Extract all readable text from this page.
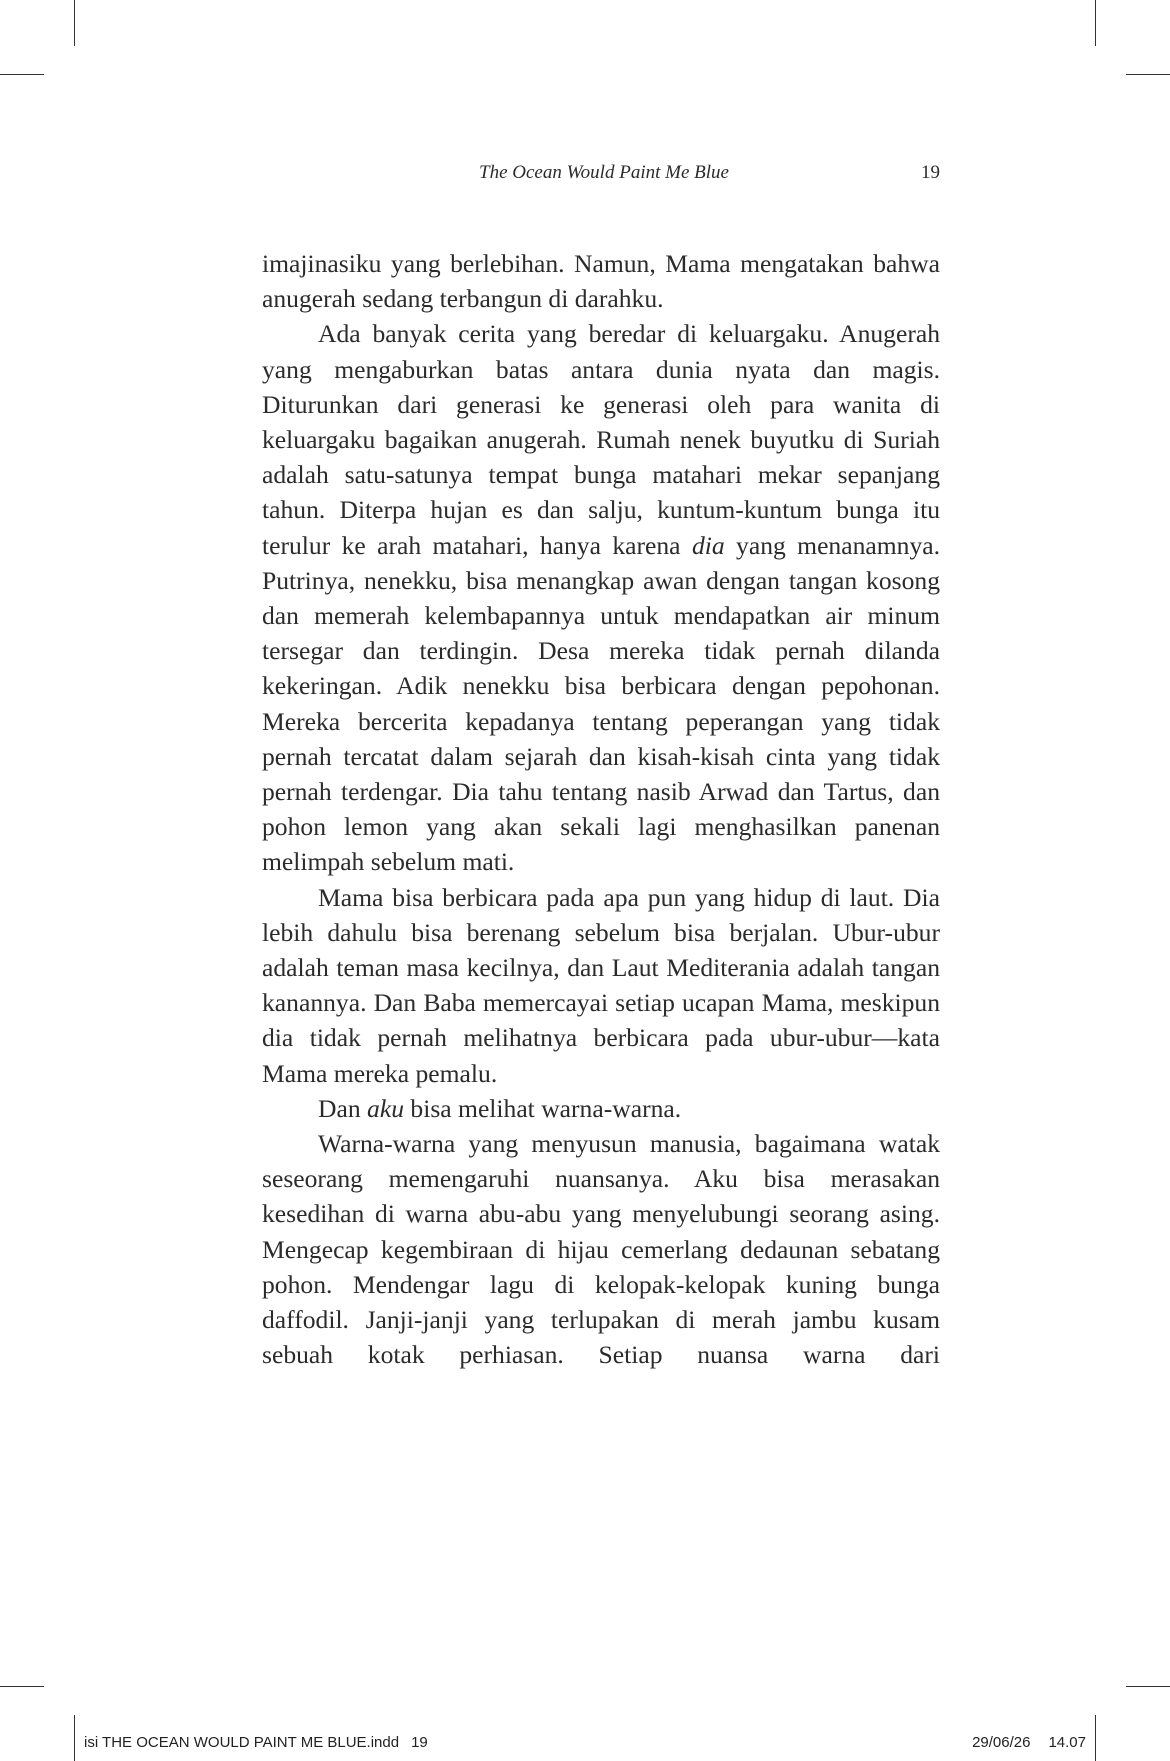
The Ocean Would Paint Me Blue	19

imajinasiku yang berlebihan. Namun, Mama mengatakan bahwa anugerah sedang terbangun di darahku.

Ada banyak cerita yang beredar di keluargaku. Anugerah yang mengaburkan batas antara dunia nyata dan magis. Diturunkan dari generasi ke generasi oleh para wanita di keluargaku bagaikan anugerah. Rumah nenek buyutku di Suriah adalah satu-satunya tempat bunga matahari mekar sepanjang tahun. Diterpa hujan es dan salju, kuntum-kuntum bunga itu terulur ke arah matahari, hanya karena dia yang menanamnya. Putrinya, nenekku, bisa menangkap awan dengan tangan kosong dan memerah kelembapannya untuk mendapatkan air minum tersegar dan terdingin. Desa mereka tidak pernah dilanda kekeringan. Adik nenekku bisa berbicara dengan pepohonan. Mereka bercerita kepadanya tentang peperangan yang tidak pernah tercatat dalam sejarah dan kisah-kisah cinta yang tidak pernah terdengar. Dia tahu tentang nasib Arwad dan Tartus, dan pohon lemon yang akan sekali lagi menghasilkan panenan melimpah sebelum mati.

Mama bisa berbicara pada apa pun yang hidup di laut. Dia lebih dahulu bisa berenang sebelum bisa berjalan. Ubur-ubur adalah teman masa kecilnya, dan Laut Mediterania adalah tangan kanannya. Dan Baba memercayai setiap ucapan Mama, meskipun dia tidak pernah melihatnya berbicara pada ubur-ubur—kata Mama mereka pemalu.

Dan aku bisa melihat warna-warna.

Warna-warna yang menyusun manusia, bagaimana watak seseorang memengaruhi nuansanya. Aku bisa merasakan kesedihan di warna abu-abu yang menyelubungi seorang asing. Mengecap kegembiraan di hijau cemerlang dedaunan sebatang pohon. Mendengar lagu di kelopak-kelopak kuning bunga daffodil. Janji-janji yang terlupakan di merah jambu kusam sebuah kotak perhiasan. Setiap nuansa warna dari

isi THE OCEAN WOULD PAINT ME BLUE.indd 19	29/06/26 14.07
